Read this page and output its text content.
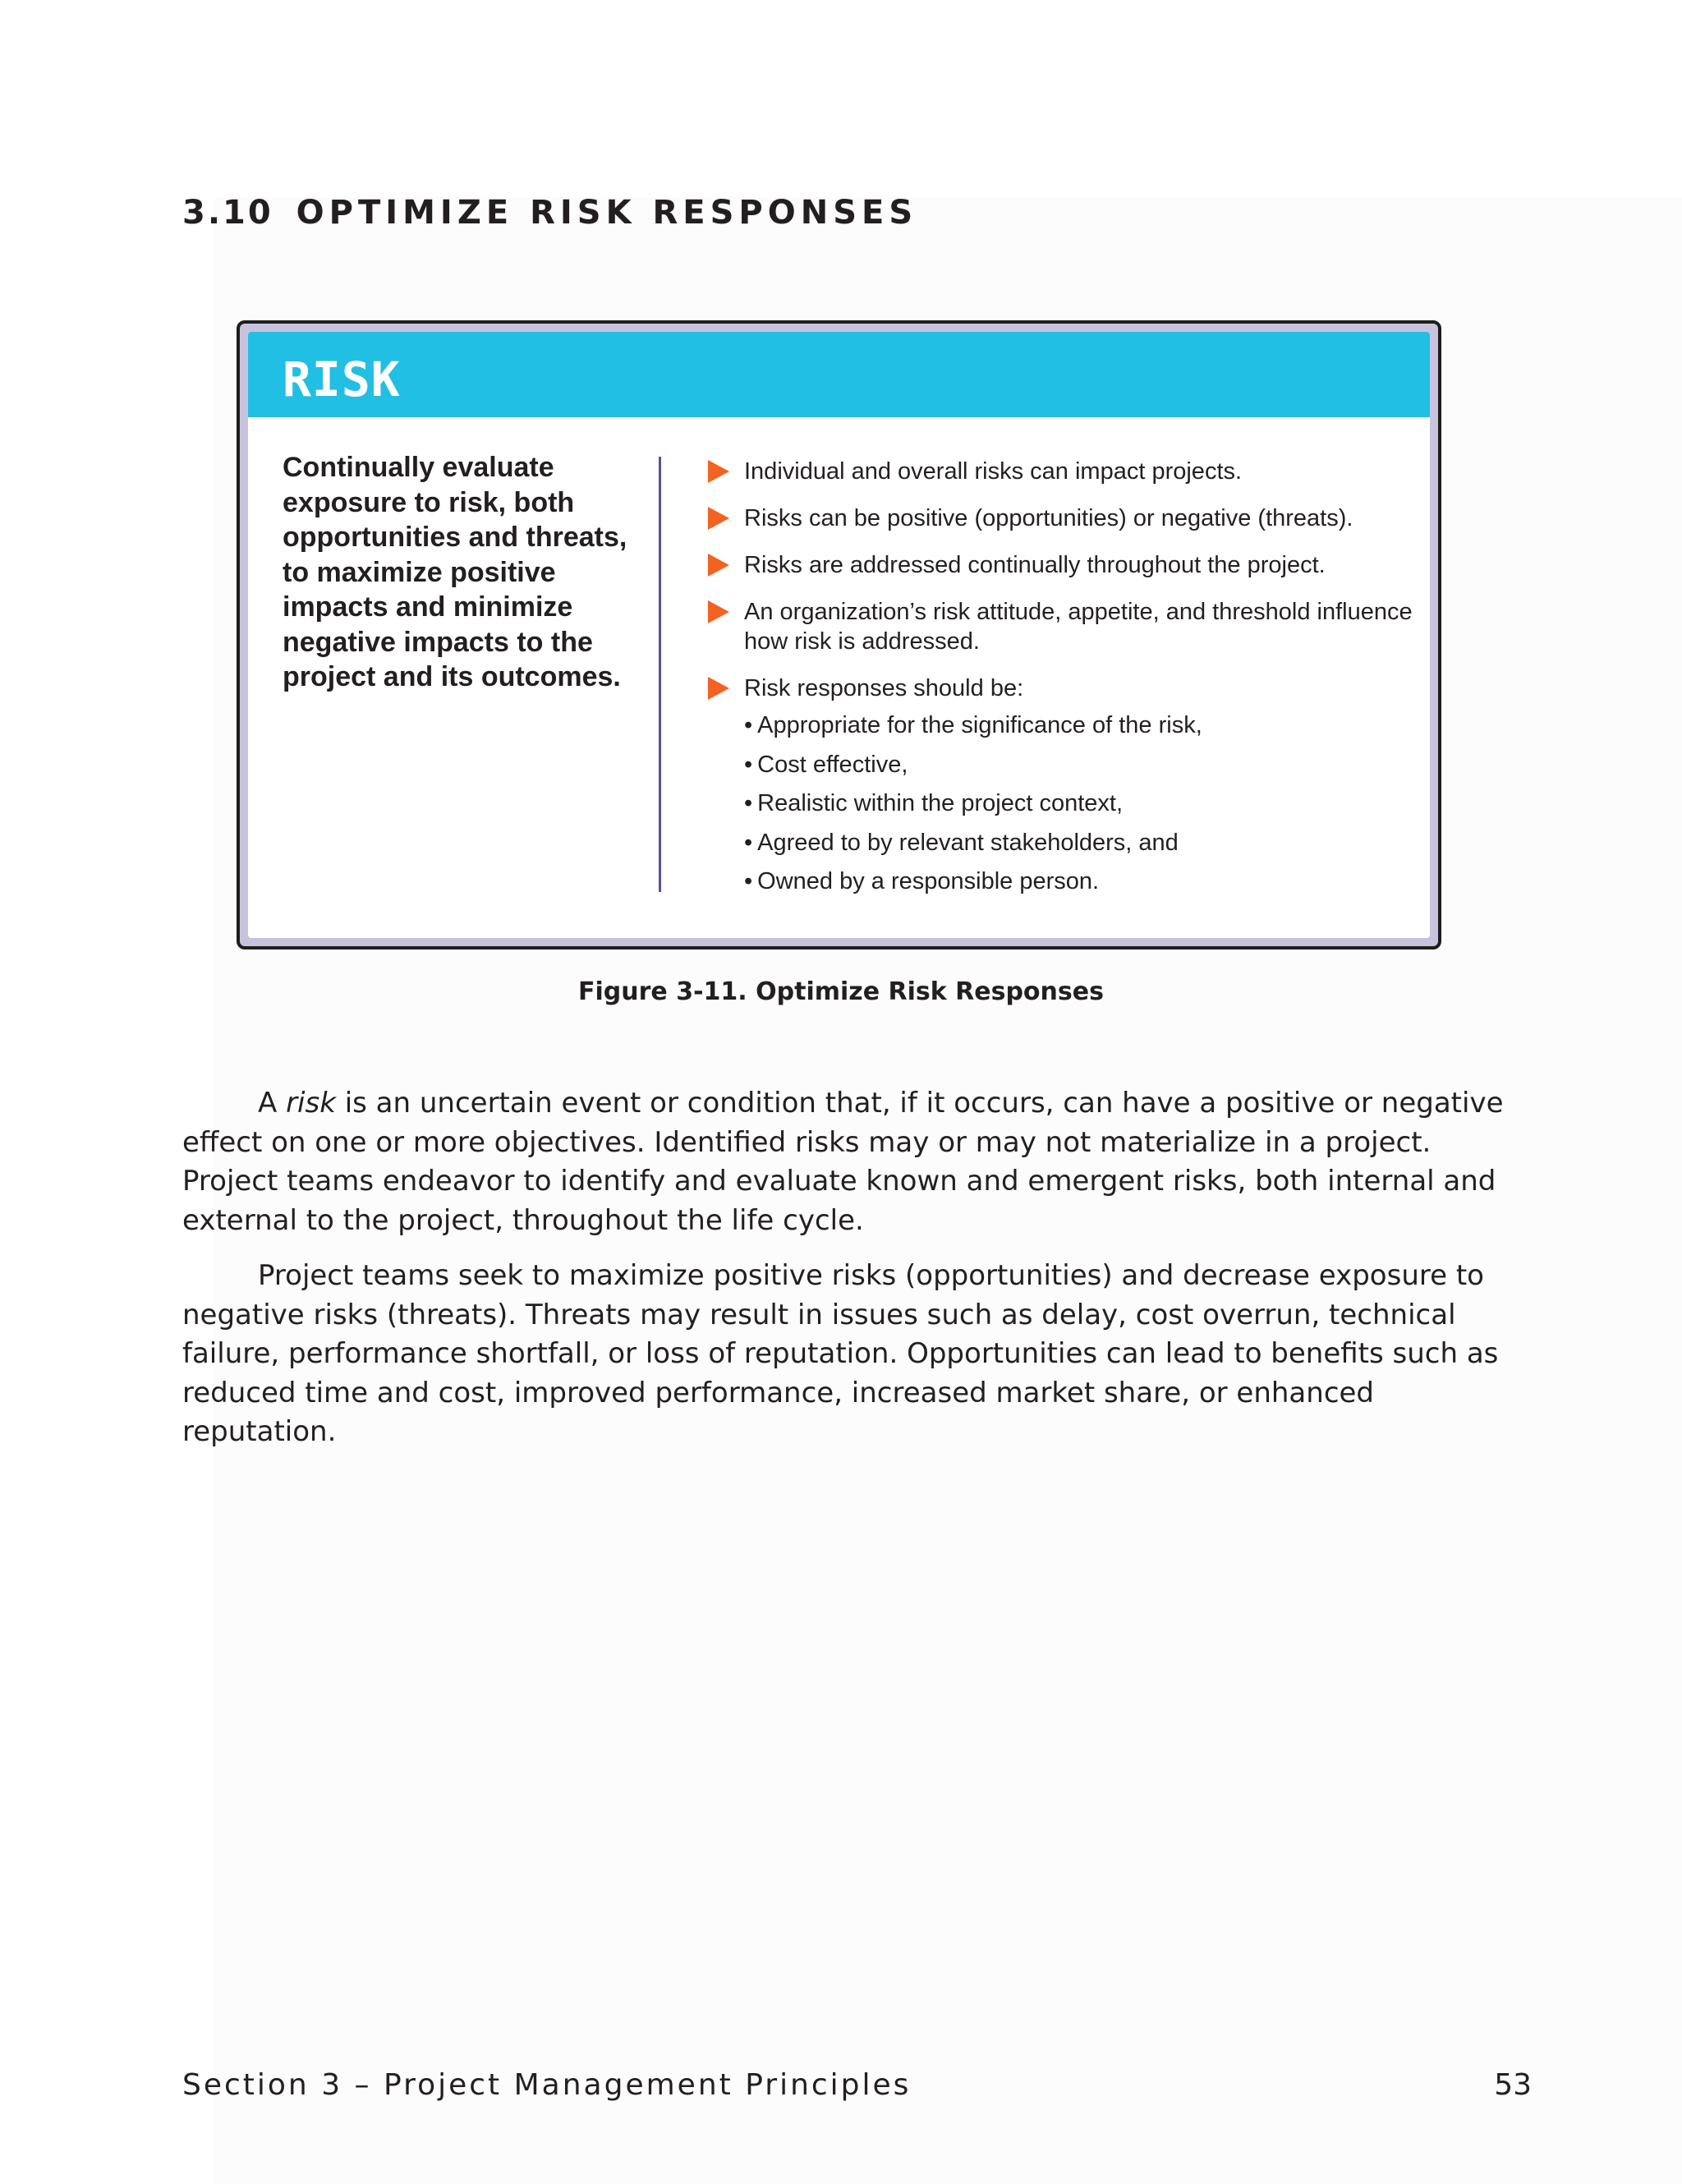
3.10 OPTIMIZE RISK RESPONSES
RISK
Continually evaluate exposure to risk, both opportunities and threats, to maximize positive impacts and minimize negative impacts to the project and its outcomes.
Individual and overall risks can impact projects.
Risks can be positive (opportunities) or negative (threats).
Risks are addressed continually throughout the project.
An organization’s risk attitude, appetite, and threshold influence how risk is addressed.
Risk responses should be:
• Appropriate for the significance of the risk,
• Cost effective,
• Realistic within the project context,
• Agreed to by relevant stakeholders, and
• Owned by a responsible person.
Figure 3-11. Optimize Risk Responses

A risk is an uncertain event or condition that, if it occurs, can have a positive or negative effect on one or more objectives. Identified risks may or may not materialize in a project. Project teams endeavor to identify and evaluate known and emergent risks, both internal and external to the project, throughout the life cycle.

Project teams seek to maximize positive risks (opportunities) and decrease exposure to negative risks (threats). Threats may result in issues such as delay, cost overrun, technical failure, performance shortfall, or loss of reputation. Opportunities can lead to benefits such as reduced time and cost, improved performance, increased market share, or enhanced reputation.

Section 3 – Project Management Principles	53
